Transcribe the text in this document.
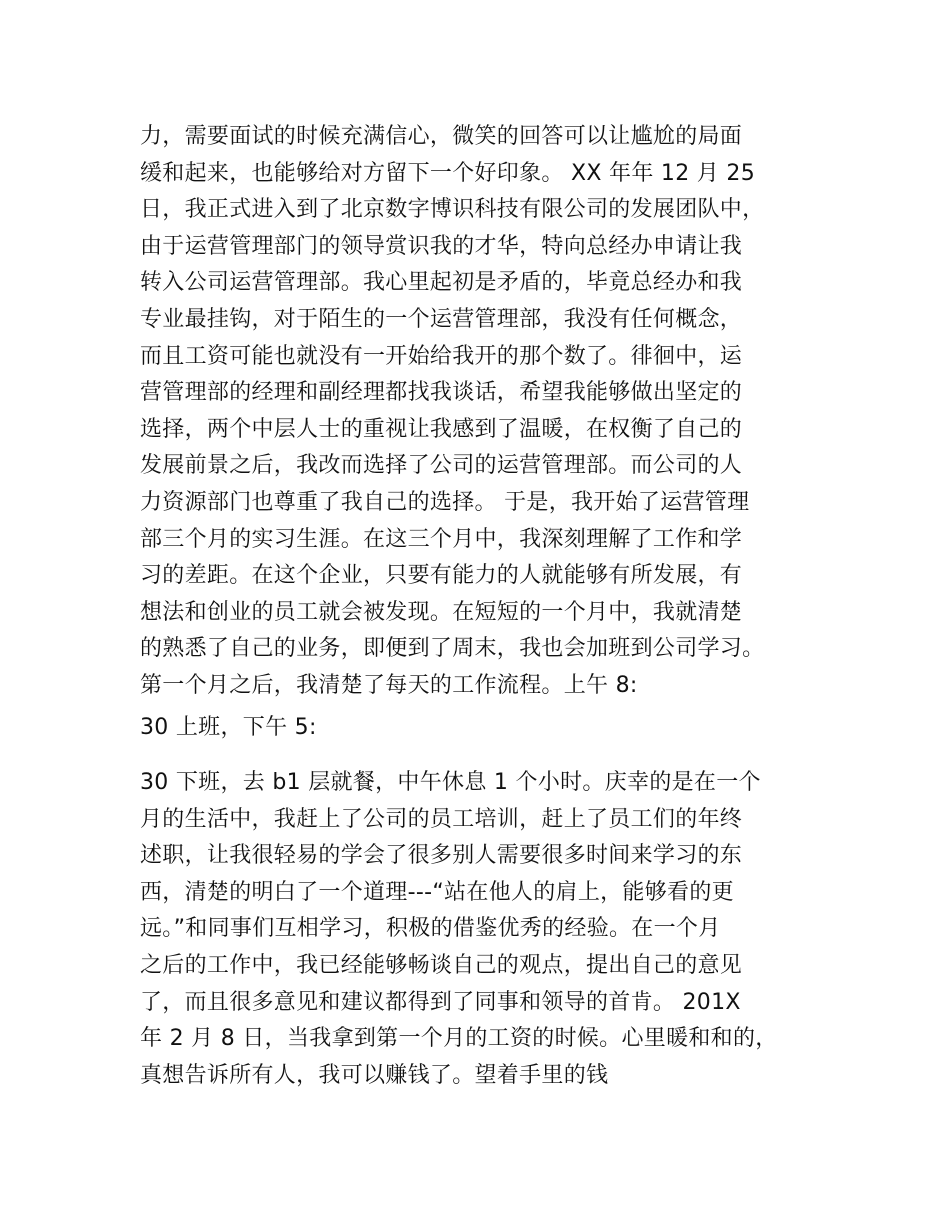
力，需要面试的时候充满信心，微笑的回答可以让尴尬的局面
缓和起来，也能够给对方留下一个好印象。 XX 年年 12 月 25
日，我正式进入到了北京数字博识科技有限公司的发展团队中，
由于运营管理部门的领导赏识我的才华，特向总经办申请让我
转入公司运营管理部。我心里起初是矛盾的，毕竟总经办和我
专业最挂钩，对于陌生的一个运营管理部，我没有任何概念，
而且工资可能也就没有一开始给我开的那个数了。徘徊中，运
营管理部的经理和副经理都找我谈话，希望我能够做出坚定的
选择，两个中层人士的重视让我感到了温暖，在权衡了自己的
发展前景之后，我改而选择了公司的运营管理部。而公司的人
力资源部门也尊重了我自己的选择。 于是，我开始了运营管理
部三个月的实习生涯。在这三个月中，我深刻理解了工作和学
习的差距。在这个企业，只要有能力的人就能够有所发展，有
想法和创业的员工就会被发现。在短短的一个月中，我就清楚
的熟悉了自己的业务，即便到了周末，我也会加班到公司学习。
第一个月之后，我清楚了每天的工作流程。上午 8:
30 上班，下午 5:
30 下班，去 b1 层就餐，中午休息 1 个小时。庆幸的是在一个
月的生活中，我赶上了公司的员工培训，赶上了员工们的年终
述职，让我很轻易的学会了很多别人需要很多时间来学习的东
西，清楚的明白了一个道理---“站在他人的肩上，能够看的更
远。”和同事们互相学习，积极的借鉴优秀的经验。在一个月
之后的工作中，我已经能够畅谈自己的观点，提出自己的意见
了，而且很多意见和建议都得到了同事和领导的首肯。 201X
年 2 月 8 日，当我拿到第一个月的工资的时候。心里暖和和的，
真想告诉所有人，我可以赚钱了。望着手里的钱
